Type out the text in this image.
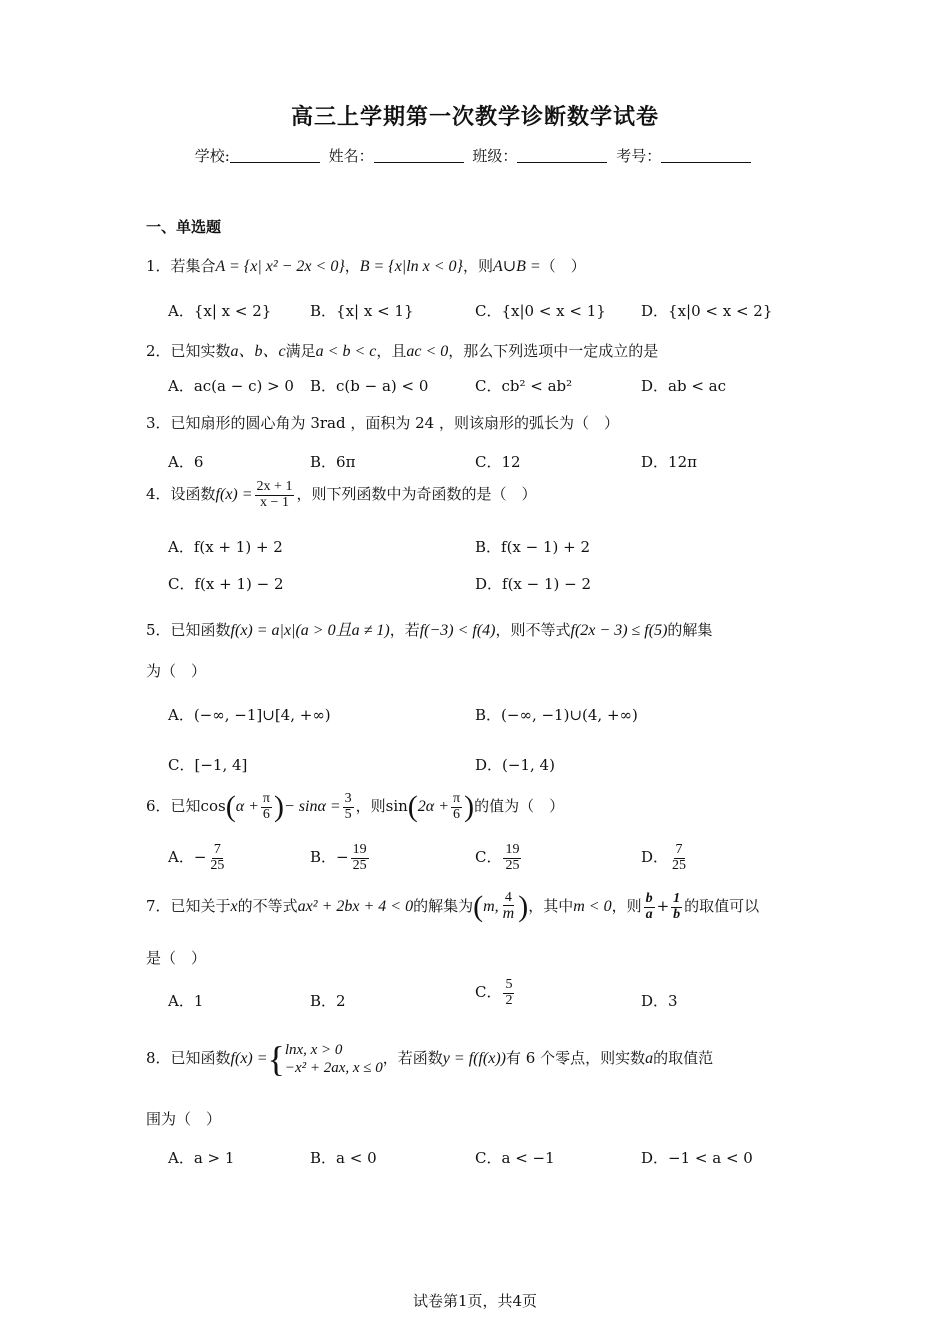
高三上学期第一次教学诊断数学试卷
学校:	姓名：	班级：	考号：
一、单选题
1．若集合A = {x| x² − 2x < 0}，B = {x|ln x < 0}，则A∪B =（　）
A．{x| x < 2}	B．{x| x < 1}	C．{x|0 < x < 1} D．{x|0 < x < 2}
2．已知实数a、b、c满足a < b < c，且ac < 0，那么下列选项中一定成立的是
A．ac(a − c) > 0 B．c(b − a) < 0	C．cb² < ab²	D．ab < ac
3．已知扇形的圆心角为 3rad ，面积为 24 ，则该扇形的弧长为（　）
A．6	B．6π	C．12	D．12π
4．设函数$f(x) = \frac{2x + 1}{x - 1}$ ，则下列函数中为奇函数的是（　）
A．f(x + 1) + 2	B．f(x − 1) + 2
C．f(x + 1) − 2	D．f(x − 1) − 2
5．已知函数f(x) = a|x|(a > 0且a ≠ 1)，若f(−3) < f(4)，则不等式f(2x − 3) ≤ f(5)的解集
为（　）
A．(−∞, −1]∪[4, +∞)	B．(−∞, −1)∪(4, +∞)
C．[−1, 4]	D．(−1, 4)
6．已知$\cos(\alpha + \frac{\pi}{6}$ )− $\sin\alpha = \frac{3}{5}$ ，则$\sin(2\alpha + \frac{\pi}{6}$ )的值为（　）
A．− $\frac{7}{25}$	B．− $\frac{19}{25}$	C． $\frac{19}{25}$	D． $\frac{7}{25}$
7．已知关于x的不等式ax² + 2bx + 4 < 0的解集为(m, $\frac{4}{m}$ )，其中m < 0，则 $\frac{b}{a} + \frac{1}{b}$ 的取值可以
是（　）
A．1	B．2	C． $\frac{5}{2}$	D．3
8．已知函数f(x) ={ lnx, x > 0
−x² + 2ax, x ≤ 0
，若函数y = f(f(x))有 6 个零点，则实数a的取值范
围为（　）
A．a > 1	B．a < 0	C．a < −1	D．−1 < a < 0
试卷第1页，共4页
